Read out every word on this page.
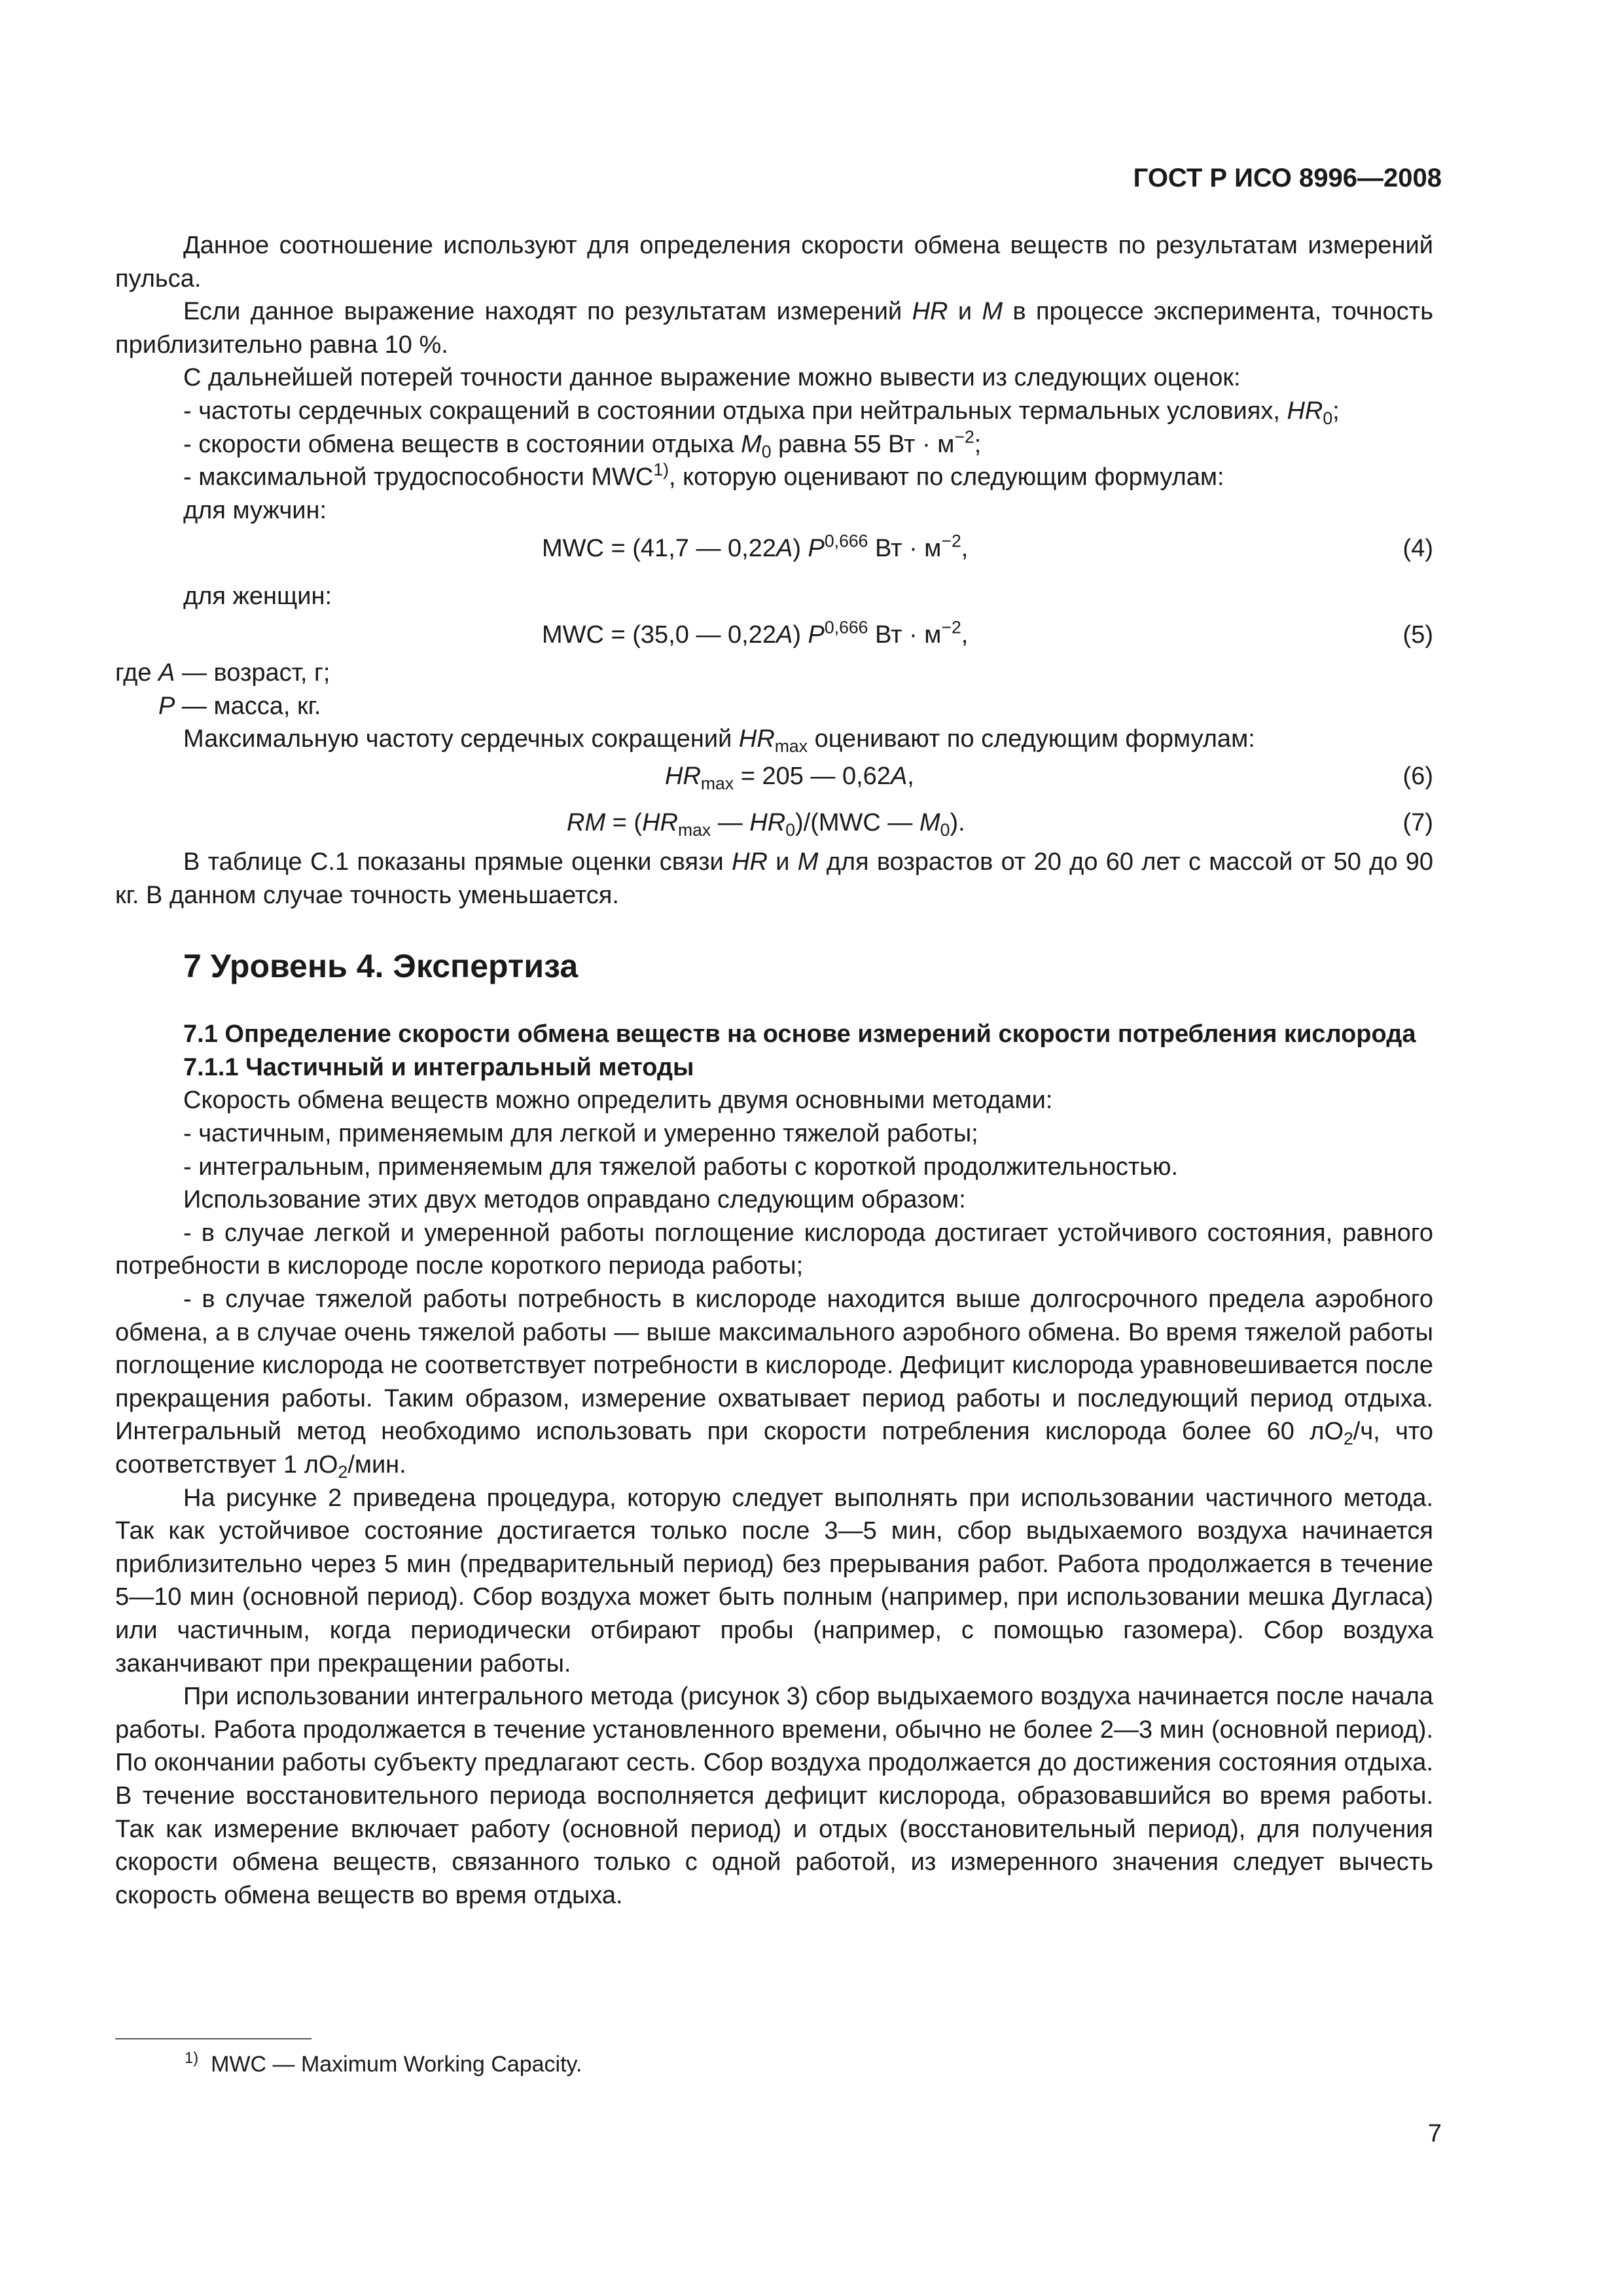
ГОСТ Р ИСО 8996—2008

Данное соотношение используют для определения скорости обмена веществ по результатам измерений пульса.

Если данное выражение находят по результатам измерений HR и M в процессе эксперимента, точность приблизительно равна 10 %.

С дальнейшей потерей точности данное выражение можно вывести из следующих оценок:

- частоты сердечных сокращений в состоянии отдыха при нейтральных термальных условиях, $HR_0$;

- скорости обмена веществ в состоянии отдыха $M_0$ равна 55 Вт · $м^{-2}$;

- максимальной трудоспособности MWC$^{1)}$, которую оценивают по следующим формулам:

для мужчин:

MWC = (41,7 — 0,22A) P$^{0,666}$ Вт · $м^{-2}$,	(4)

для женщин:

MWC = (35,0 — 0,22A) P$^{0,666}$ Вт · $м^{-2}$,	(5)

где A — возраст, г;

P — масса, кг.

Максимальную частоту сердечных сокращений $HR_{max}$ оценивают по следующим формулам:

$HR_{max} = 205$ — 0,62A,	(6)
RM = ($HR_{max}$ — $HR_0)/(MWC$ — $M_0$).	(7)

В таблице С.1 показаны прямые оценки связи HR и M для возрастов от 20 до 60 лет с массой от 50 до 90 кг. В данном случае точность уменьшается.

7 Уровень 4. Экспертиза

7.1 Определение скорости обмена веществ на основе измерений скорости потребления кислорода

7.1.1 Частичный и интегральный методы

Скорость обмена веществ можно определить двумя основными методами:

- частичным, применяемым для легкой и умеренно тяжелой работы;

- интегральным, применяемым для тяжелой работы с короткой продолжительностью.

Использование этих двух методов оправдано следующим образом:

- в случае легкой и умеренной работы поглощение кислорода достигает устойчивого состояния, равного потребности в кислороде после короткого периода работы;

- в случае тяжелой работы потребность в кислороде находится выше долгосрочного предела аэробного обмена, а в случае очень тяжелой работы — выше максимального аэробного обмена. Во время тяжелой работы поглощение кислорода не соответствует потребности в кислороде. Дефицит кислорода уравновешивается после прекращения работы. Таким образом, измерение охватывает период работы и последующий период отдыха. Интегральный метод необходимо использовать при скорости потребления кислорода более 60 $лО_2/ч$, что соответствует 1 $лО_2$/мин.

На рисунке 2 приведена процедура, которую следует выполнять при использовании частичного метода. Так как устойчивое состояние достигается только после 3—5 мин, сбор выдыхаемого воздуха начинается приблизительно через 5 мин (предварительный период) без прерывания работ. Работа продолжается в течение 5—10 мин (основной период). Сбор воздуха может быть полным (например, при использовании мешка Дугласа) или частичным, когда периодически отбирают пробы (например, с помощью газомера). Сбор воздуха заканчивают при прекращении работы.

При использовании интегрального метода (рисунок 3) сбор выдыхаемого воздуха начинается после начала работы. Работа продолжается в течение установленного времени, обычно не более 2—3 мин (основной период). По окончании работы субъекту предлагают сесть. Сбор воздуха продолжается до достижения состояния отдыха. В течение восстановительного периода восполняется дефицит кислорода, образовавшийся во время работы. Так как измерение включает работу (основной период) и отдых (восстановительный период), для получения скорости обмена веществ, связанного только с одной работой, из измеренного значения следует вычесть скорость обмена веществ во время отдыха.

$^{1)}$ MWC — Maximum Working Capacity.
7
